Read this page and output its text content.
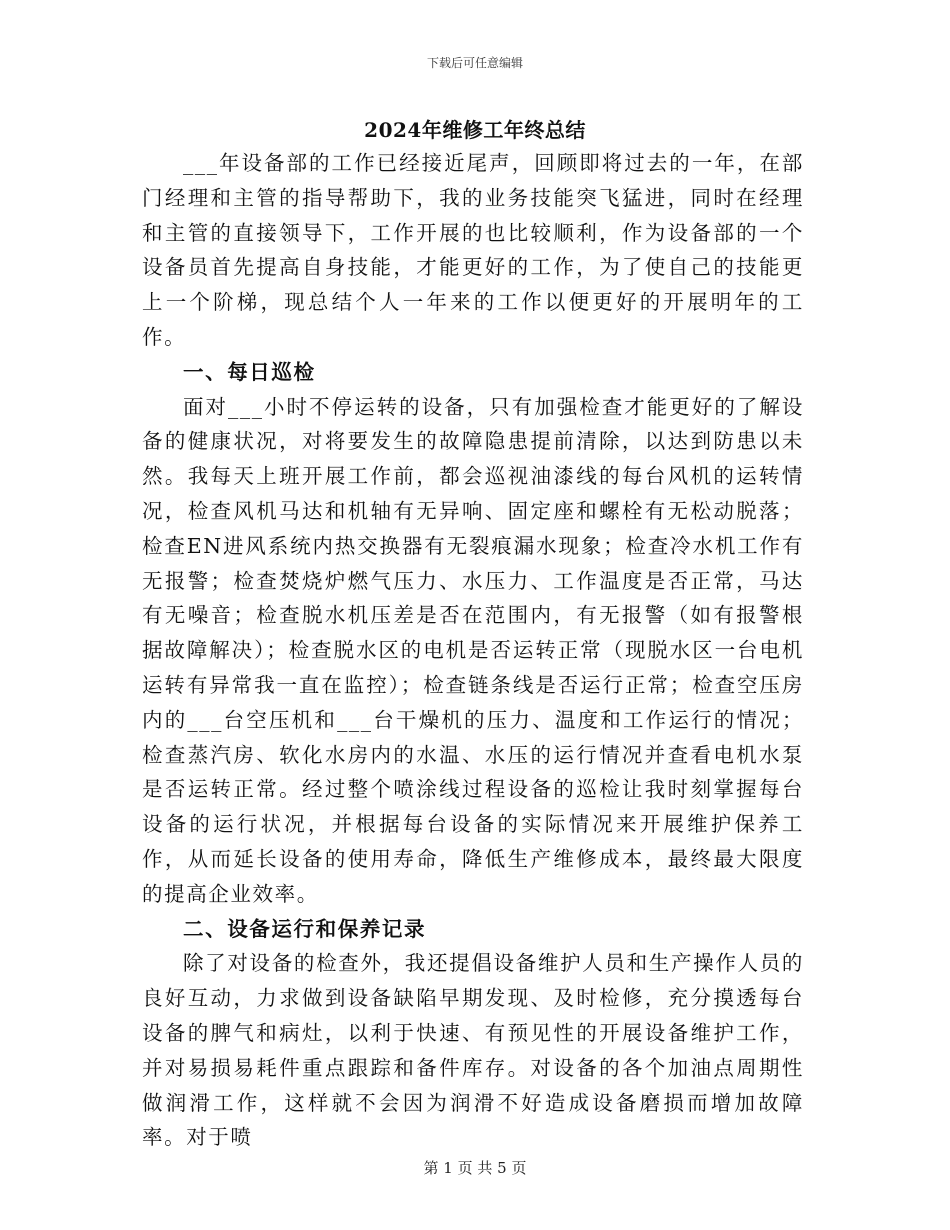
下载后可任意编辑
2024年维修工年终总结

___年设备部的工作已经接近尾声，回顾即将过去的一年，在部门经理和主管的指导帮助下，我的业务技能突飞猛进，同时在经理和主管的直接领导下，工作开展的也比较顺利，作为设备部的一个设备员首先提高自身技能，才能更好的工作，为了使自己的技能更上一个阶梯，现总结个人一年来的工作以便更好的开展明年的工作。

一、每日巡检

面对___小时不停运转的设备，只有加强检查才能更好的了解设备的健康状况，对将要发生的故障隐患提前清除，以达到防患以未然。我每天上班开展工作前，都会巡视油漆线的每台风机的运转情况，检查风机马达和机轴有无异响、固定座和螺栓有无松动脱落；检查EN进风系统内热交换器有无裂痕漏水现象；检查冷水机工作有无报警；检查焚烧炉燃气压力、水压力、工作温度是否正常，马达有无噪音；检查脱水机压差是否在范围内，有无报警（如有报警根据故障解决）；检查脱水区的电机是否运转正常（现脱水区一台电机运转有异常我一直在监控）；检查链条线是否运行正常；检查空压房内的___台空压机和___台干燥机的压力、温度和工作运行的情况；检查蒸汽房、软化水房内的水温、水压的运行情况并查看电机水泵是否运转正常。经过整个喷涂线过程设备的巡检让我时刻掌握每台设备的运行状况，并根据每台设备的实际情况来开展维护保养工作，从而延长设备的使用寿命，降低生产维修成本，最终最大限度的提高企业效率。

二、设备运行和保养记录

除了对设备的检查外，我还提倡设备维护人员和生产操作人员的良好互动，力求做到设备缺陷早期发现、及时检修，充分摸透每台设备的脾气和病灶，以利于快速、有预见性的开展设备维护工作，并对易损易耗件重点跟踪和备件库存。对设备的各个加油点周期性做润滑工作，这样就不会因为润滑不好造成设备磨损而增加故障率。对于喷

第 1 页 共 5 页
